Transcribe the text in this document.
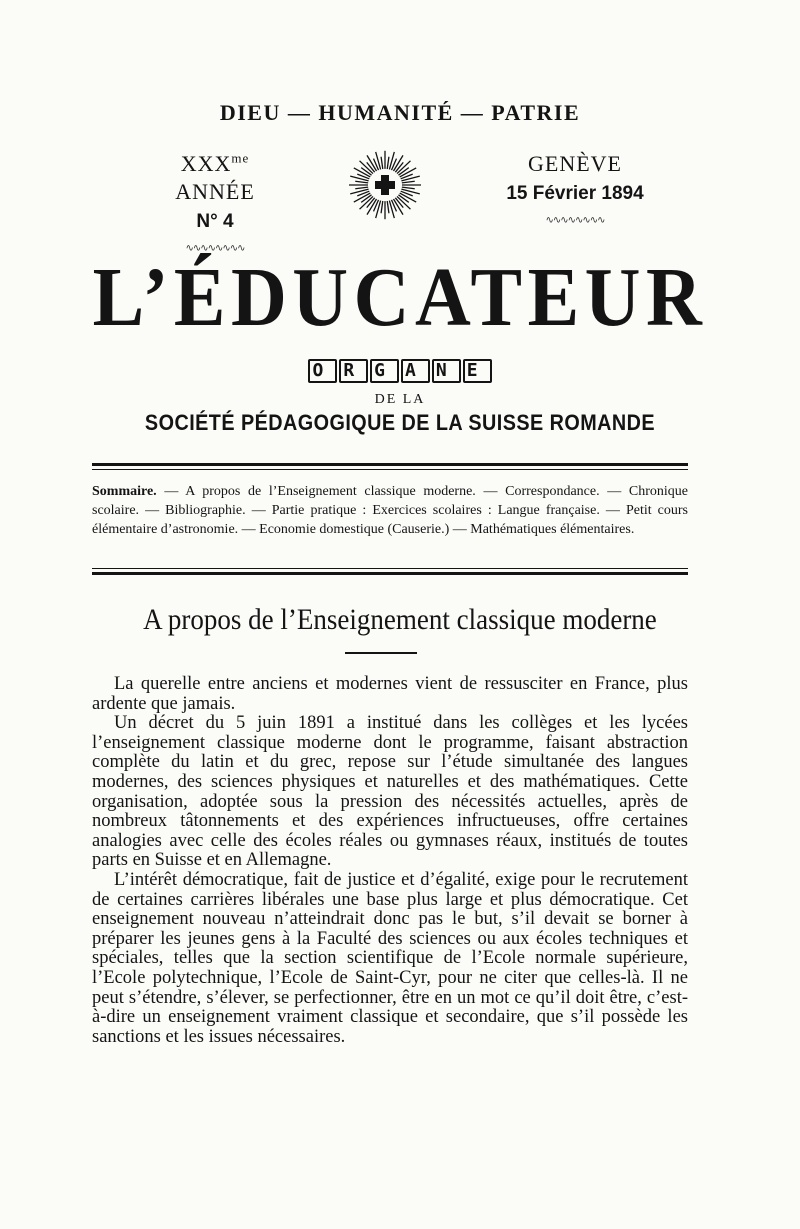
DIEU — HUMANITÉ — PATRIE
$XXX^{me}$ ANNÉE
N° 4
∿∿∿∿∿∿∿∿
GENÈVE
15 Février 1894
∿∿∿∿∿∿∿∿
L’ÉDUCATEUR
O R G A N E
DE LA
SOCIÉTÉ PÉDAGOGIQUE DE LA SUISSE ROMANDE
Sommaire. — A propos de l’Enseignement classique moderne. — Correspondance. — Chronique scolaire. — Bibliographie. — Partie pratique : Exercices scolaires : Langue française. — Petit cours élémentaire d’astronomie. — Economie domestique (Causerie.) — Mathématiques élémentaires.
A propos de l’Enseignement classique moderne

La querelle entre anciens et modernes vient de ressusciter en France, plus ardente que jamais.

Un décret du 5 juin 1891 a institué dans les collèges et les lycées l’enseignement classique moderne dont le programme, faisant abstraction complète du latin et du grec, repose sur l’étude simultanée des langues modernes, des sciences physiques et naturelles et des mathématiques. Cette organisation, adoptée sous la pression des nécessités actuelles, après de nombreux tâtonnements et des expériences infructueuses, offre certaines analogies avec celle des écoles réales ou gymnases réaux, institués de toutes parts en Suisse et en Allemagne.

L’intérêt démocratique, fait de justice et d’égalité, exige pour le recrutement de certaines carrières libérales une base plus large et plus démocratique. Cet enseignement nouveau n’atteindrait donc pas le but, s’il devait se borner à préparer les jeunes gens à la Faculté des sciences ou aux écoles techniques et spéciales, telles que la section scientifique de l’Ecole normale supérieure, l’Ecole polytechnique, l’Ecole de Saint-Cyr, pour ne citer que celles-là. Il ne peut s’étendre, s’élever, se perfectionner, être en un mot ce qu’il doit être, c’est-à-dire un enseignement vraiment classique et secondaire, que s’il possède les sanctions et les issues nécessaires.
